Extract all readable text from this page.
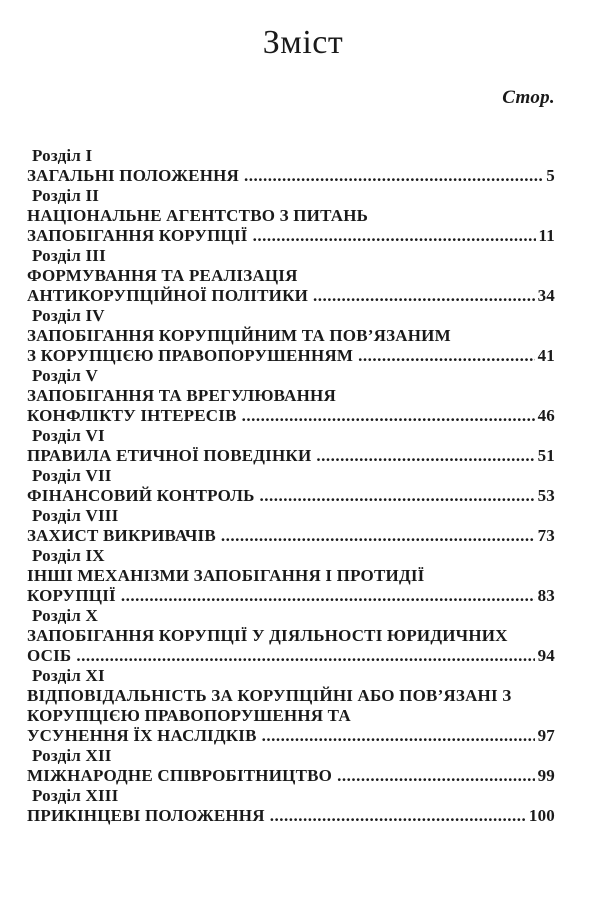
Зміст
Стор.
Розділ I
ЗАГАЛЬНІ ПОЛОЖЕННЯ .....	5
Розділ II
НАЦІОНАЛЬНЕ АГЕНТСТВО З ПИТАНЬ
ЗАПОБІГАННЯ КОРУПЦІЇ .....	11
Розділ III
ФОРМУВАННЯ ТА РЕАЛІЗАЦІЯ
АНТИКОРУПЦІЙНОЇ ПОЛІТИКИ .....	34
Розділ IV
ЗАПОБІГАННЯ КОРУПЦІЙНИМ ТА ПОВ’ЯЗАНИМ
З КОРУПЦІЄЮ ПРАВОПОРУШЕННЯМ .....	41
Розділ V
ЗАПОБІГАННЯ ТА ВРЕГУЛЮВАННЯ
КОНФЛІКТУ ІНТЕРЕСІВ .....	46
Розділ VI
ПРАВИЛА ЕТИЧНОЇ ПОВЕДІНКИ .....	51
Розділ VII
ФІНАНСОВИЙ КОНТРОЛЬ .....	53
Розділ VIII
ЗАХИСТ ВИКРИВАЧІВ .....	73
Розділ IX
ІНШІ МЕХАНІЗМИ ЗАПОБІГАННЯ І ПРОТИДІЇ
КОРУПЦІЇ .....	83
Розділ X
ЗАПОБІГАННЯ КОРУПЦІЇ У ДІЯЛЬНОСТІ ЮРИДИЧНИХ
ОСІБ .....	94
Розділ XI
ВІДПОВІДАЛЬНІСТЬ ЗА КОРУПЦІЙНІ АБО ПОВ’ЯЗАНІ З
КОРУПЦІЄЮ ПРАВОПОРУШЕННЯ ТА
УСУНЕННЯ ЇХ НАСЛІДКІВ .....	97
Розділ XII
МІЖНАРОДНЕ СПІВРОБІТНИЦТВО .....	99
Розділ XIII
ПРИКІНЦЕВІ ПОЛОЖЕННЯ .....	100
